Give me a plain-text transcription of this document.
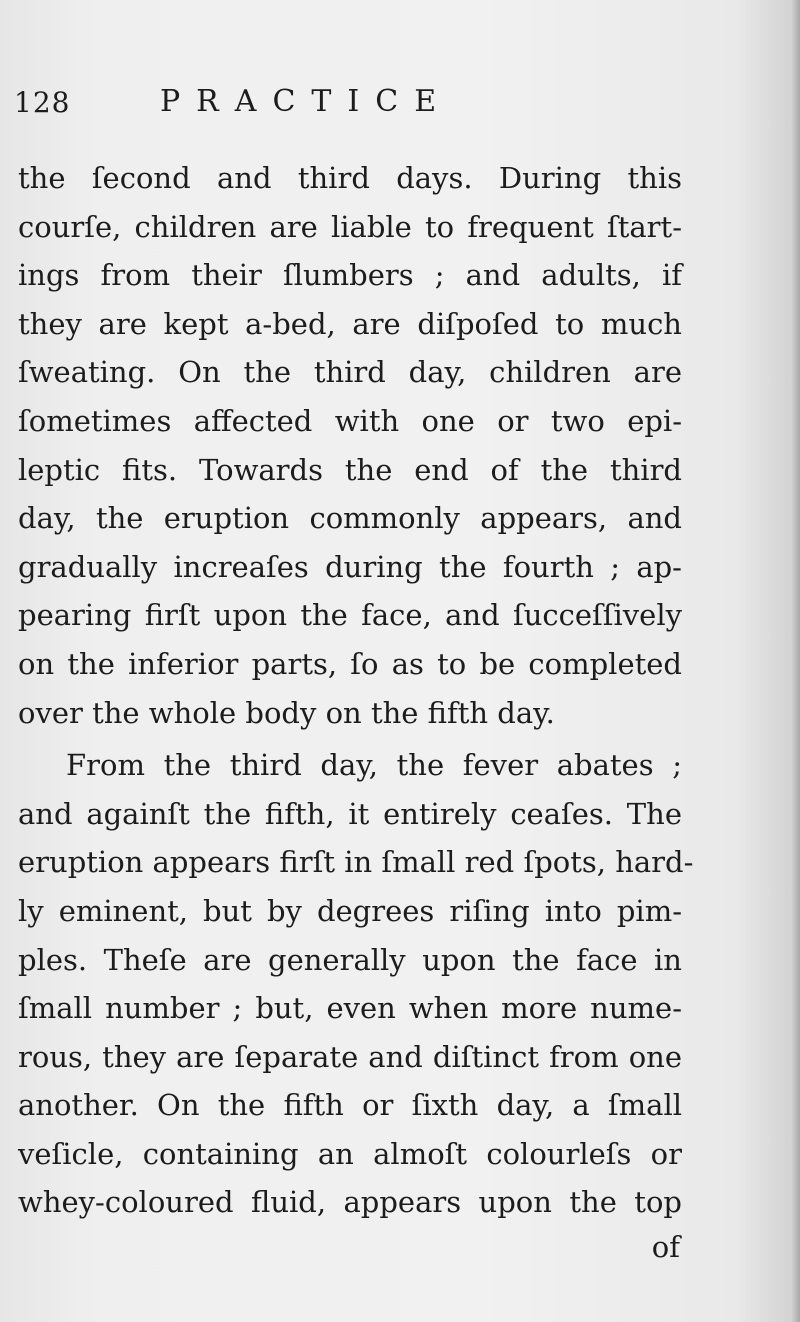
128	PRACTICE
the ſecond and third days. During this
courſe, children are liable to frequent ſtart-
ings from their ſlumbers ; and adults, if
they are kept a-bed, are diſpoſed to much
ſweating. On the third day, children are
ſometimes affected with one or two epi-
leptic fits. Towards the end of the third
day, the eruption commonly appears, and
gradually increaſes during the fourth ; ap-
pearing firſt upon the face, and ſucceſſively
on the inferior parts, ſo as to be completed
over the whole body on the fifth day.
From the third day, the fever abates ;
and againſt the fifth, it entirely ceaſes. The
eruption appears firſt in ſmall red ſpots, hard-
ly eminent, but by degrees riſing into pim-
ples. Theſe are generally upon the face in
ſmall number ; but, even when more nume-
rous, they are ſeparate and diſtinct from one
another. On the fifth or ſixth day, a ſmall
veſicle, containing an almoſt colourleſs or
whey-coloured fluid, appears upon the top
of
